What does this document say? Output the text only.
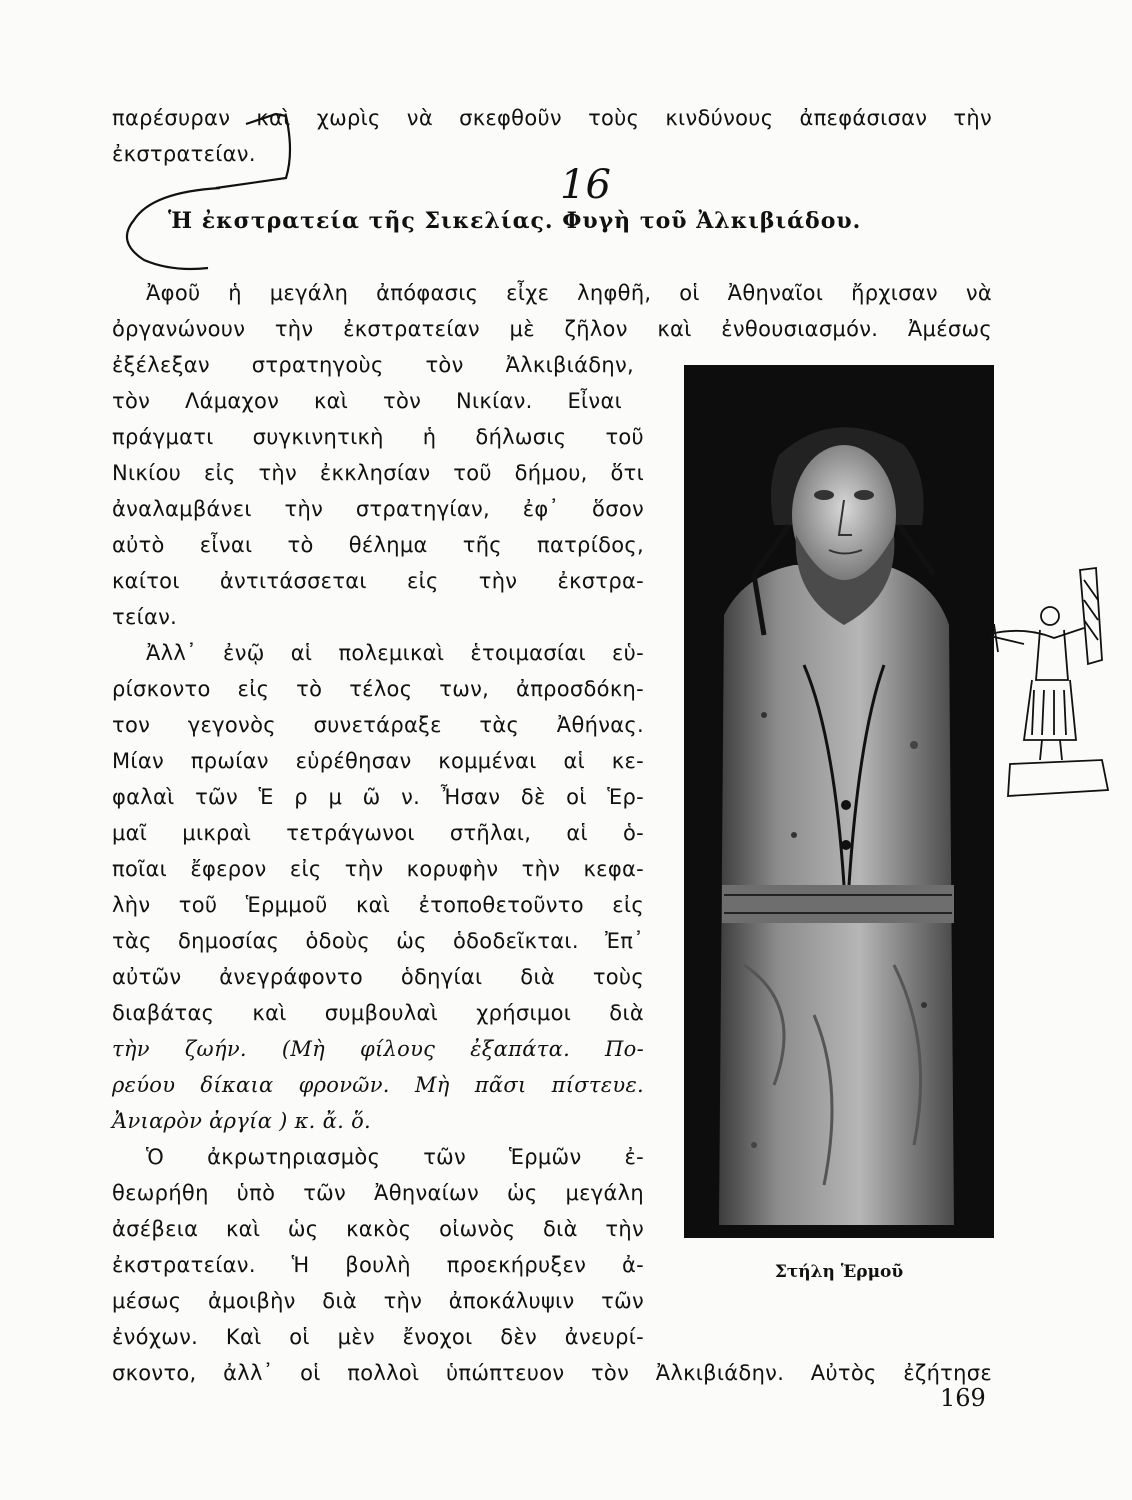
παρέσυραν καὶ χωρὶς νὰ σκεφθοῦν τοὺς κινδύνους ἀπεφάσισαν τὴν

ἐκστρατείαν.

16
Ἡ ἐκστρατεία τῆς Σικελίας. Φυγὴ τοῦ Ἀλκιβιάδου.

Ἀφοῦ ἡ μεγάλη ἀπόφασις εἶχε ληφθῆ, οἱ Ἀθηναῖοι ἤρχισαν νὰ

ὀργανώνουν τὴν ἐκστρατείαν μὲ ζῆλον καὶ ἐνθουσιασμόν. Ἀμέσως

ἐξέλεξαν στρατηγοὺς τὸν Ἀλκιβιάδην,

τὸν Λάμαχον καὶ τὸν Νικίαν. Εἶναι

πράγματι συγκινητικὴ ἡ δήλωσις τοῦ

Νικίου εἰς τὴν ἐκκλησίαν τοῦ δήμου, ὅτι

ἀναλαμβάνει τὴν στρατηγίαν, ἐφ᾽ ὅσον

αὐτὸ εἶναι τὸ θέλημα τῆς πατρίδος,

καίτοι ἀντιτάσσεται εἰς τὴν ἐκστρα-

τείαν.

Ἀλλ᾽ ἐνῷ αἱ πολεμικαὶ ἑτοιμασίαι εὑ-

ρίσκοντο εἰς τὸ τέλος των, ἀπροσδόκη-

τον γεγονὸς συνετάραξε τὰς Ἀθήνας.

Μίαν πρωίαν εὑρέθησαν κομμέναι αἱ κε-

φαλαὶ τῶν Ἑ ρ μ ῶ ν. Ἦσαν δὲ οἱ Ἑρ-

μαῖ μικραὶ τετράγωνοι στῆλαι, αἱ ὁ-

ποῖαι ἔφερον εἰς τὴν κορυφὴν τὴν κεφα-

λὴν τοῦ Ἑρμμοῦ καὶ ἐτοποθετοῦντο εἰς

τὰς δημοσίας ὁδοὺς ὡς ὁδοδεῖκται. Ἐπ᾽

αὐτῶν ἀνεγράφοντο ὁδηγίαι διὰ τοὺς

διαβάτας καὶ συμβουλαὶ χρήσιμοι διὰ

τὴν ζωήν. (Μὴ φίλους ἐξαπάτα. Πο-

ρεύου δίκαια φρονῶν. Μὴ πᾶσι πίστευε.

Ἀνιαρὸν ἀργία ) κ. ἄ. ὅ.

Ὁ ἀκρωτηριασμὸς τῶν Ἑρμῶν ἐ-

θεωρήθη ὑπὸ τῶν Ἀθηναίων ὡς μεγάλη

ἀσέβεια καὶ ὡς κακὸς οἰωνὸς διὰ τὴν

ἐκστρατείαν. Ἡ βουλὴ προεκήρυξεν ἀ-

μέσως ἀμοιβὴν διὰ τὴν ἀποκάλυψιν τῶν

ἐνόχων. Καὶ οἱ μὲν ἔνοχοι δὲν ἀνευρί-

σκοντο, ἀλλ᾽ οἱ πολλοὶ ὑπώπτευον τὸν Ἀλκιβιάδην. Αὐτὸς ἐζήτησε

Στήλη Ἑρμοῦ

169
